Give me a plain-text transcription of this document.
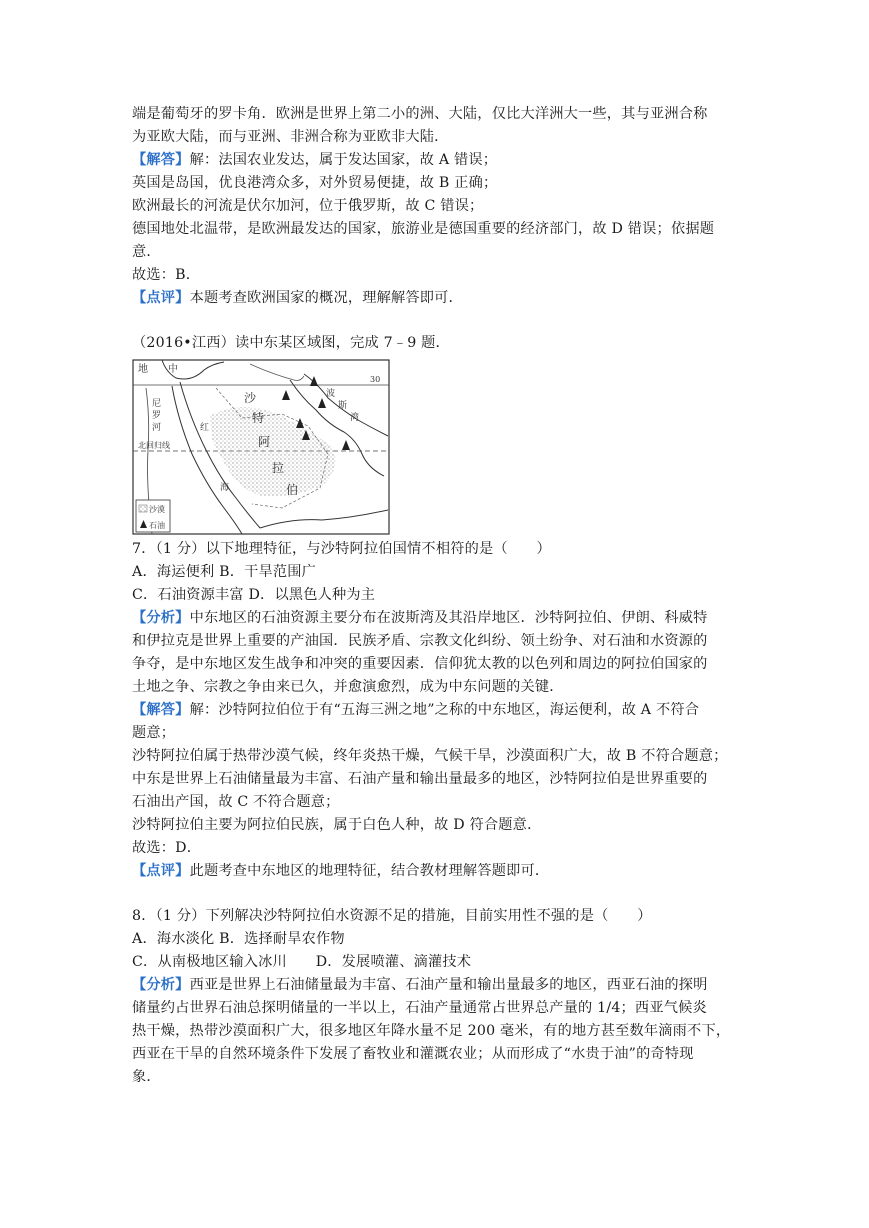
端是葡萄牙的罗卡角．欧洲是世界上第二小的洲、大陆，仅比大洋洲大一些，其与亚洲合称
为亚欧大陆，而与亚洲、非洲合称为亚欧非大陆．
【解答】解：法国农业发达，属于发达国家，故 A 错误；
英国是岛国，优良港湾众多，对外贸易便捷，故 B 正确；
欧洲最长的河流是伏尔加河，位于俄罗斯，故 C 错误；
德国地处北温带，是欧洲最发达的国家，旅游业是德国重要的经济部门，故 D 错误；依据题
意．
故选：B．
【点评】本题考查欧洲国家的概况，理解解答即可．
（2016•江西）读中东某区域图，完成 7﹣9 题．
地 中
沙
特
阿
拉
伯
波
斯
湾
红
海
尼
罗
河
北回归线
30
沙漠
石油
7．（1 分）以下地理特征，与沙特阿拉伯国情不相符的是（　　）
A．海运便利 B．干旱范围广
C．石油资源丰富 D．以黑色人种为主
【分析】中东地区的石油资源主要分布在波斯湾及其沿岸地区．沙特阿拉伯、伊朗、科威特
和伊拉克是世界上重要的产油国．民族矛盾、宗教文化纠纷、领土纷争、对石油和水资源的
争夺，是中东地区发生战争和冲突的重要因素．信仰犹太教的以色列和周边的阿拉伯国家的
土地之争、宗教之争由来已久，并愈演愈烈，成为中东问题的关键．
【解答】解：沙特阿拉伯位于有“五海三洲之地”之称的中东地区，海运便利，故 A 不符合
题意；
沙特阿拉伯属于热带沙漠气候，终年炎热干燥，气候干旱，沙漠面积广大，故 B 不符合题意；
中东是世界上石油储量最为丰富、石油产量和输出量最多的地区，沙特阿拉伯是世界重要的
石油出产国，故 C 不符合题意；
沙特阿拉伯主要为阿拉伯民族，属于白色人种，故 D 符合题意．
故选：D．
【点评】此题考查中东地区的地理特征，结合教材理解答题即可．
8．（1 分）下列解决沙特阿拉伯水资源不足的措施，目前实用性不强的是（　　）
A．海水淡化 B．选择耐旱农作物
C．从南极地区输入冰川　　D．发展喷灌、滴灌技术
【分析】西亚是世界上石油储量最为丰富、石油产量和输出量最多的地区，西亚石油的探明
储量约占世界石油总探明储量的一半以上，石油产量通常占世界总产量的 1/4；西亚气候炎
热干燥，热带沙漠面积广大，很多地区年降水量不足 200 毫米，有的地方甚至数年滴雨不下，
西亚在干旱的自然环境条件下发展了畜牧业和灌溉农业；从而形成了“水贵于油”的奇特现
象．
